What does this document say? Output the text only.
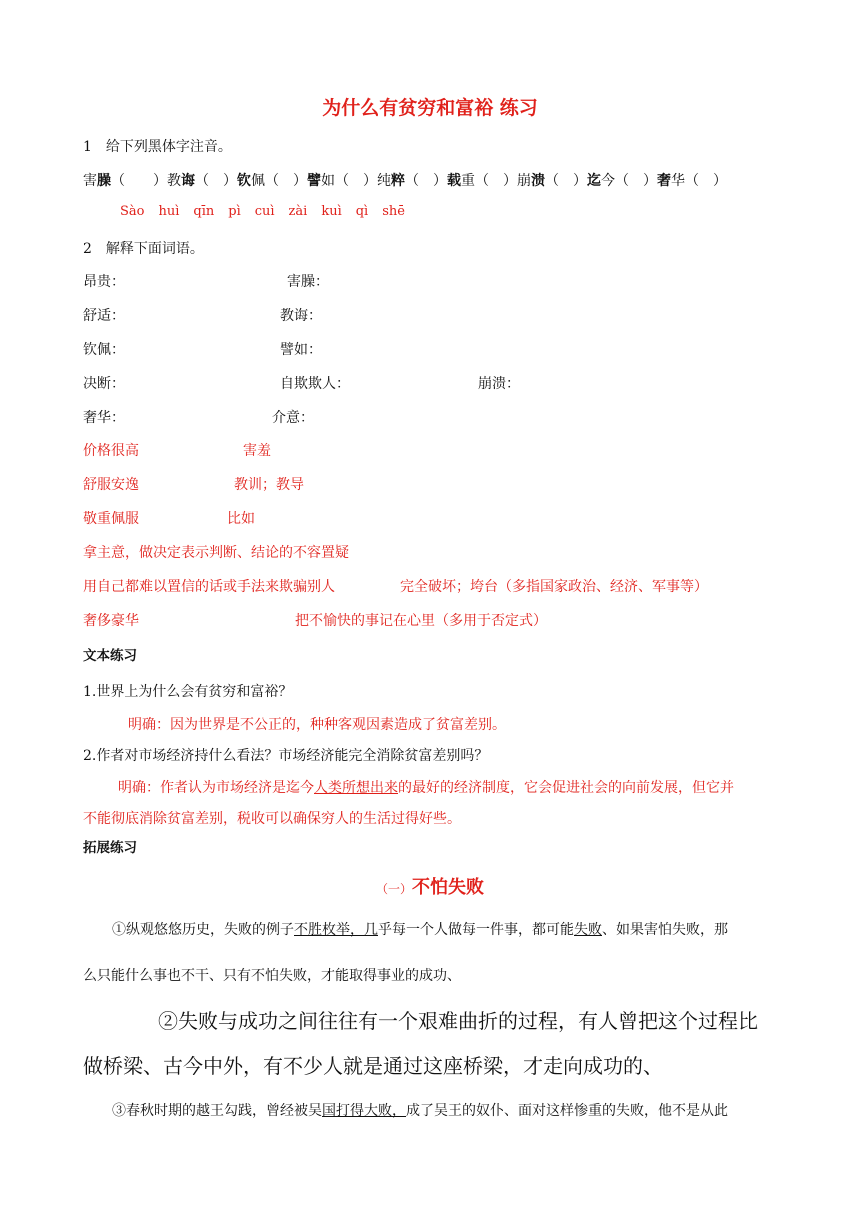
为什么有贫穷和富裕 练习
1　给下列黑体字注音。
害臊（　　） 教诲（　） 钦佩（　） 譬如（　） 纯粹（　） 载重（　） 崩溃（　） 迄今（　） 奢华（　）
Sào huì qīn pì cuì zài kuì qì shē
2　解释下面词语。
昂贵：	害臊：
舒适：	教诲：
钦佩：	譬如：
决断：	自欺欺人：	崩溃：
奢华：	介意：
价格很高	害羞
舒服安逸	教训；教导
敬重佩服	比如
拿主意，做决定表示判断、结论的不容置疑
用自己都难以置信的话或手法来欺骗别人	完全破坏；垮台（多指国家政治、经济、军事等）
奢侈豪华	把不愉快的事记在心里（多用于否定式）
文本练习
1.世界上为什么会有贫穷和富裕？
明确：因为世界是不公正的，种种客观因素造成了贫富差别。
2.作者对市场经济持什么看法？市场经济能完全消除贫富差别吗？
明确：作者认为市场经济是迄今人类所想出来的最好的经济制度，它会促进社会的向前发展，但它并
不能彻底消除贫富差别，税收可以确保穷人的生活过得好些。
拓展练习
（一）不怕失败
①纵观悠悠历史，失败的例子不胜枚举，几乎每一个人做每一件事，都可能失败、如果害怕失败，那
么只能什么事也不干、只有不怕失败，才能取得事业的成功、
②失败与成功之间往往有一个艰难曲折的过程，有人曾把这个过程比
做桥梁、古今中外，有不少人就是通过这座桥梁，才走向成功的、
③春秋时期的越王勾践，曾经被吴国打得大败，成了吴王的奴仆、面对这样惨重的失败，他不是从此
